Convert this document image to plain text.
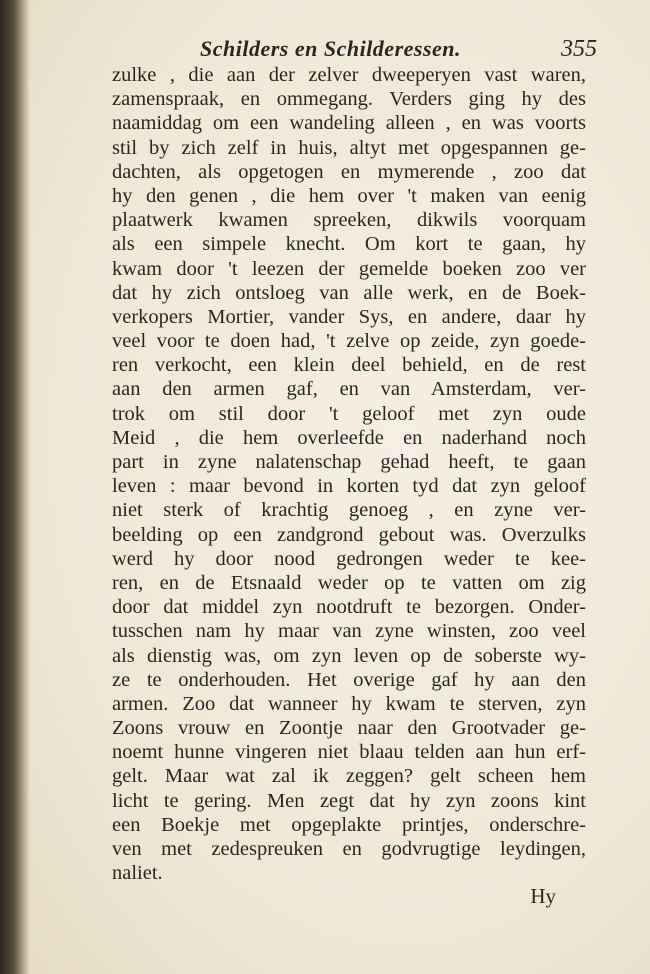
Schilders en Schilderessen.	355
zulke , die aan der zelver dweeperyen vast waren,
zamenspraak, en ommegang. Verders ging hy des
naamiddag om een wandeling alleen , en was voorts
stil by zich zelf in huis, altyt met opgespannen ge-
dachten, als opgetogen en mymerende , zoo dat
hy den genen , die hem over 't maken van eenig
plaatwerk kwamen spreeken, dikwils voorquam
als een simpele knecht. Om kort te gaan, hy
kwam door 't leezen der gemelde boeken zoo ver
dat hy zich ontsloeg van alle werk, en de Boek-
verkopers Mortier, vander Sys, en andere, daar hy
veel voor te doen had, 't zelve op zeide, zyn goede-
ren verkocht, een klein deel behield, en de rest
aan den armen gaf, en van Amsterdam, ver-
trok om stil door 't geloof met zyn oude
Meid , die hem overleefde en naderhand noch
part in zyne nalatenschap gehad heeft, te gaan
leven : maar bevond in korten tyd dat zyn geloof
niet sterk of krachtig genoeg , en zyne ver-
beelding op een zandgrond gebout was. Overzulks
werd hy door nood gedrongen weder te kee-
ren, en de Etsnaald weder op te vatten om zig
door dat middel zyn nootdruft te bezorgen. Onder-
tusschen nam hy maar van zyne winsten, zoo veel
als dienstig was, om zyn leven op de soberste wy-
ze te onderhouden. Het overige gaf hy aan den
armen. Zoo dat wanneer hy kwam te sterven, zyn
Zoons vrouw en Zoontje naar den Grootvader ge-
noemt hunne vingeren niet blaau telden aan hun erf-
gelt. Maar wat zal ik zeggen? gelt scheen hem
licht te gering. Men zegt dat hy zyn zoons kint
een Boekje met opgeplakte printjes, onderschre-
ven met zedespreuken en godvrugtige leydingen,
naliet.
Hy
